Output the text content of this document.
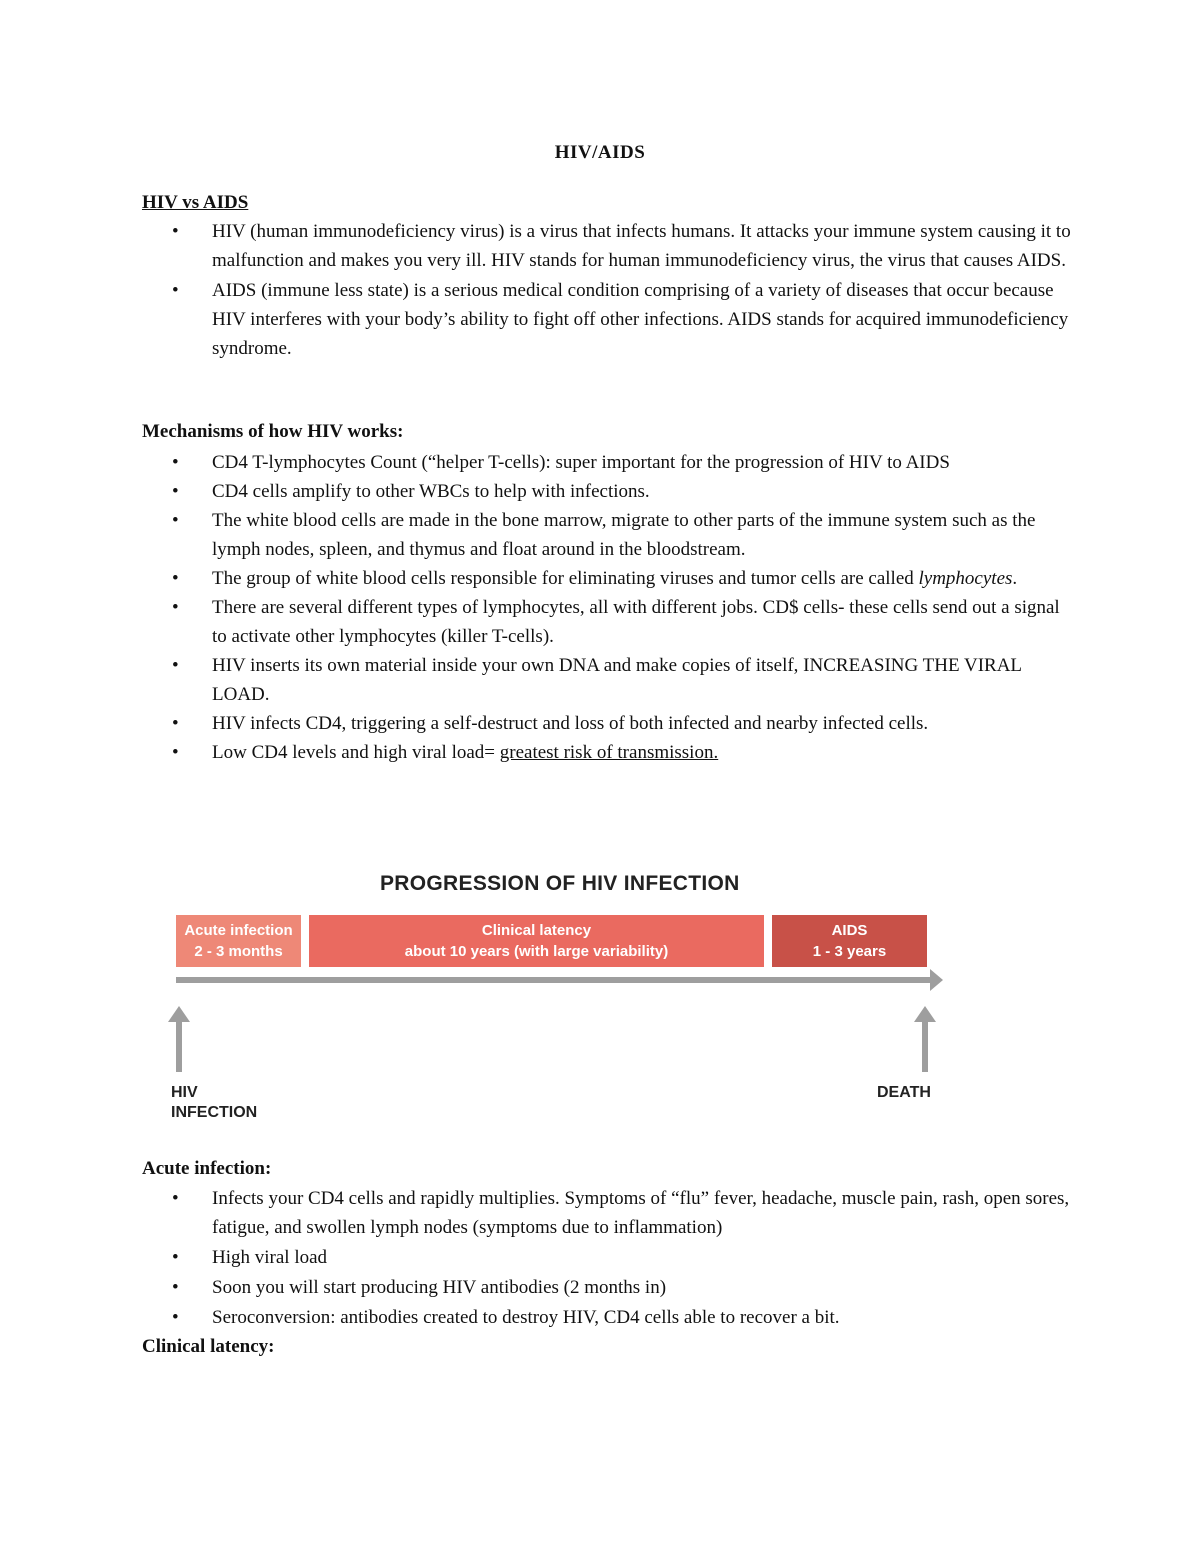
HIV/AIDS
HIV vs AIDS
• HIV (human immunodeficiency virus) is a virus that infects humans. It attacks your immune system causing it to malfunction and makes you very ill. HIV stands for human immunodeficiency virus, the virus that causes AIDS.
• AIDS (immune less state) is a serious medical condition comprising of a variety of diseases that occur because HIV interferes with your body’s ability to fight off other infections. AIDS stands for acquired immunodeficiency syndrome.
Mechanisms of how HIV works:
• CD4 T-lymphocytes Count (“helper T-cells): super important for the progression of HIV to AIDS
• CD4 cells amplify to other WBCs to help with infections.
• The white blood cells are made in the bone marrow, migrate to other parts of the immune system such as the lymph nodes, spleen, and thymus and float around in the bloodstream.
• The group of white blood cells responsible for eliminating viruses and tumor cells are called lymphocytes.
• There are several different types of lymphocytes, all with different jobs. CD$ cells- these cells send out a signal to activate other lymphocytes (killer T-cells).
• HIV inserts its own material inside your own DNA and make copies of itself, INCREASING THE VIRAL LOAD.
• HIV infects CD4, triggering a self-destruct and loss of both infected and nearby infected cells.
• Low CD4 levels and high viral load= greatest risk of transmission.
PROGRESSION OF HIV INFECTION
Acute infection
2 - 3 months
Clinical latency
about 10 years (with large variability)
AIDS
1 - 3 years
HIV
INFECTION
DEATH
Acute infection:
• Infects your CD4 cells and rapidly multiplies. Symptoms of “flu” fever, headache, muscle pain, rash, open sores, fatigue, and swollen lymph nodes (symptoms due to inflammation)
• High viral load
• Soon you will start producing HIV antibodies (2 months in)
• Seroconversion: antibodies created to destroy HIV, CD4 cells able to recover a bit.
Clinical latency:
